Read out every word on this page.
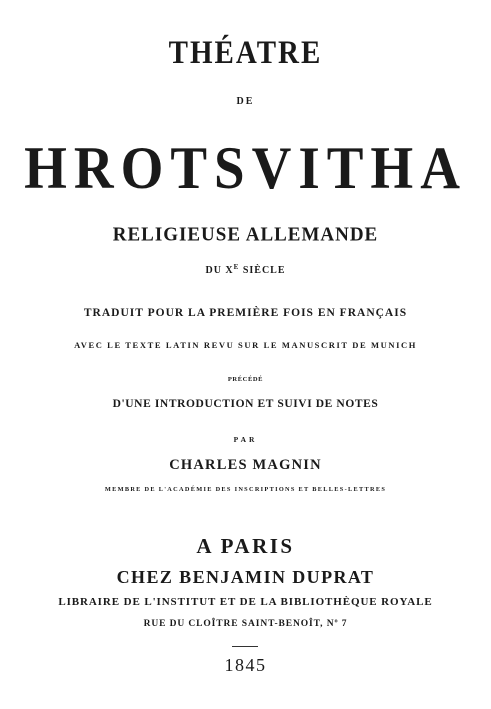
THÉATRE
DE
HROTSVITHA
RELIGIEUSE ALLEMANDE
DU $X^E$ SIÈCLE
TRADUIT POUR LA PREMIÈRE FOIS EN FRANÇAIS
AVEC LE TEXTE LATIN REVU SUR LE MANUSCRIT DE MUNICH
PRÉCÉDÉ
D'UNE INTRODUCTION ET SUIVI DE NOTES
PAR
CHARLES MAGNIN
MEMBRE DE L'ACADÉMIE DES INSCRIPTIONS ET BELLES-LETTRES
A PARIS
CHEZ BENJAMIN DUPRAT
LIBRAIRE DE L'INSTITUT ET DE LA BIBLIOTHÈQUE ROYALE
RUE DU CLOÎTRE SAINT-BENOÎT, Nº 7
1845
